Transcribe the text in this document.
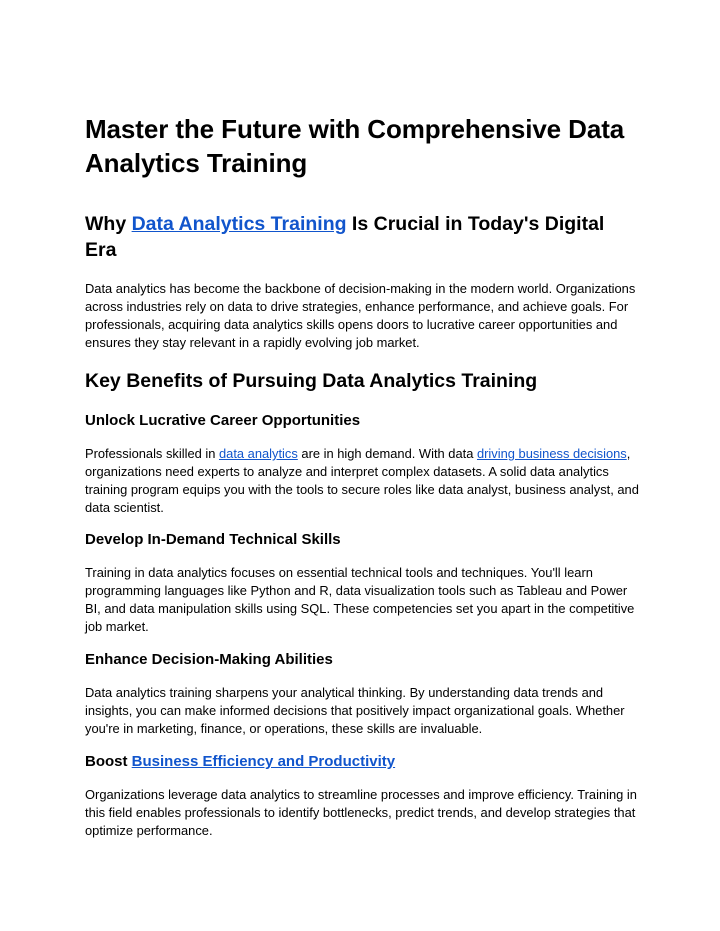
Master the Future with Comprehensive Data Analytics Training
Why Data Analytics Training Is Crucial in Today's Digital Era

Data analytics has become the backbone of decision-making in the modern world. Organizations across industries rely on data to drive strategies, enhance performance, and achieve goals. For professionals, acquiring data analytics skills opens doors to lucrative career opportunities and ensures they stay relevant in a rapidly evolving job market.

Key Benefits of Pursuing Data Analytics Training
Unlock Lucrative Career Opportunities

Professionals skilled in data analytics are in high demand. With data driving business decisions, organizations need experts to analyze and interpret complex datasets. A solid data analytics training program equips you with the tools to secure roles like data analyst, business analyst, and data scientist.

Develop In-Demand Technical Skills

Training in data analytics focuses on essential technical tools and techniques. You'll learn programming languages like Python and R, data visualization tools such as Tableau and Power BI, and data manipulation skills using SQL. These competencies set you apart in the competitive job market.

Enhance Decision-Making Abilities

Data analytics training sharpens your analytical thinking. By understanding data trends and insights, you can make informed decisions that positively impact organizational goals. Whether you're in marketing, finance, or operations, these skills are invaluable.

Boost Business Efficiency and Productivity

Organizations leverage data analytics to streamline processes and improve efficiency. Training in this field enables professionals to identify bottlenecks, predict trends, and develop strategies that optimize performance.
